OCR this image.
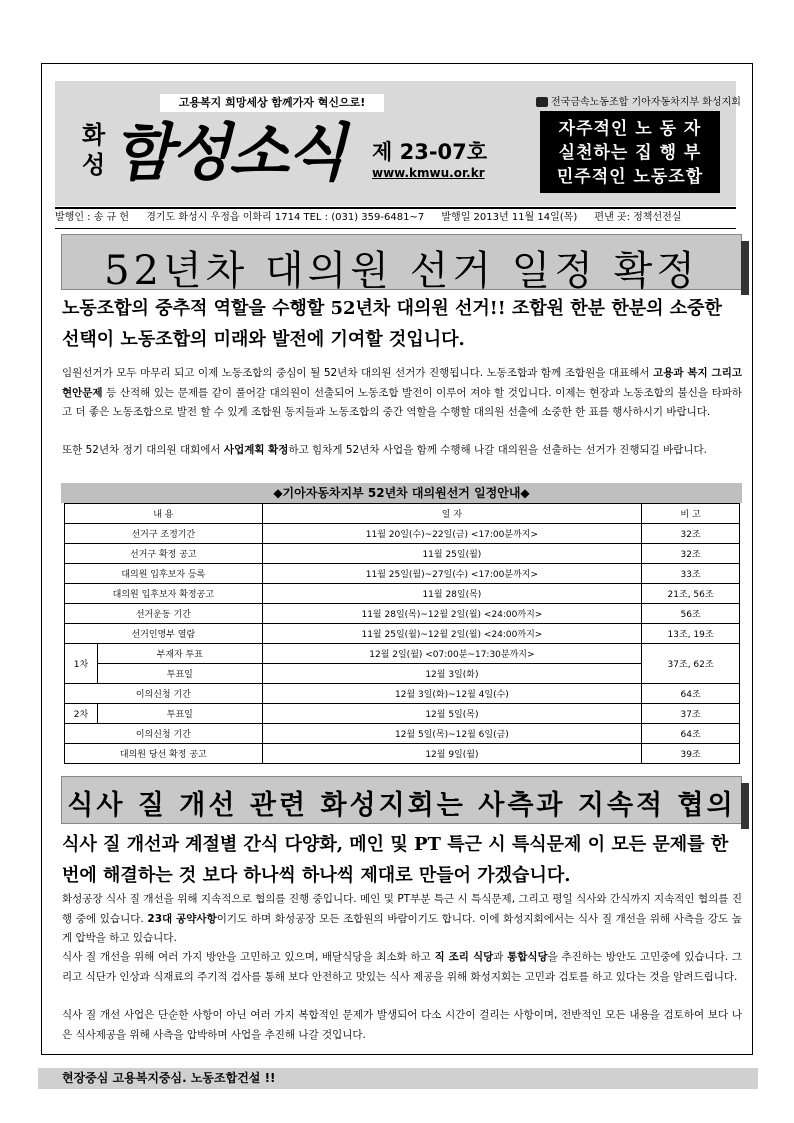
고용복지 희망세상 함께가자 혁신으로!
화성 함성소식 제 23-07호
www.kmwu.or.kr
전국금속노동조합 기아자동차지부 화성지회
자주적인 노 동 자
실천하는 집 행 부
민주적인 노동조합
발행인 : 송 규 헌 경기도 화성시 우정읍 이화리 1714 TEL : (031) 359-6481~7 발행일 2013년 11월 14일(목) 편낸 곳: 정책선전실
52년차 대의원 선거 일정 확정
노동조합의 중추적 역할을 수행할 52년차 대의원 선거!! 조합원 한분 한분의 소중한 선택이 노동조합의 미래와 발전에 기여할 것입니다.
임원선거가 모두 마무리 되고 이제 노동조합의 중심이 될 52년차 대의원 선거가 진행됩니다. 노동조합과 함께 조합원을 대표해서 고용과 복지 그리고 현안문제 등 산적해 있는 문제를 같이 풀어갈 대의원이 선출되어 노동조합 발전이 이루어 져야 할 것입니다. 이제는 현장과 노동조합의 불신을 타파하고 더 좋은 노동조합으로 발전 할 수 있게 조합원 동지들과 노동조합의 중간 역할을 수행할 대의원 선출에 소중한 한 표를 행사하시기 바랍니다.
또한 52년차 정기 대의원 대회에서 사업계획 확정하고 힘차게 52년차 사업을 함께 수행해 나갈 대의원을 선출하는 선거가 진행되길 바랍니다.
◆기아자동차지부 52년차 대의원선거 일정안내◆
내 용		일 자	비 고
선거구 조정기간		11월 20일(수)~22일(금) <17:00분까지>	32조
선거구 확정 공고		11월 25일(월)	32조
대의원 입후보자 등록		11월 25일(월)~27일(수) <17:00분까지>	33조
대의원 입후보자 확정공고		11월 28일(목)	21조, 56조
선거운동 기간		11월 28일(목)~12월 2일(월) <24:00까지>	56조
선거인명부 열람		11월 25일(월)~12월 2일(월) <24:00까지>	13조, 19조
1차	부재자 투표	12월 2일(월) <07:00분~17:30분까지>	37조, 62조
	투표일	12월 3일(화)	
이의신청 기간		12월 3일(화)~12월 4일(수)	64조
2차	투표일	12월 5일(목)	37조
이의신청 기간		12월 5일(목)~12월 6일(금)	64조
대의원 당선 확정 공고		12월 9일(월)	39조
식사 질 개선 관련 화성지회는 사측과 지속적 협의
식사 질 개선과 계절별 간식 다양화, 메인 및 PT 특근 시 특식문제 이 모든 문제를 한 번에 해결하는 것 보다 하나씩 하나씩 제대로 만들어 가겠습니다.
화성공장 식사 질 개선을 위해 지속적으로 협의를 진행 중입니다. 메인 및 PT부분 특근 시 특식문제, 그리고 평일 식사와 간식까지 지속적인 협의를 진행 중에 있습니다. 23대 공약사항이기도 하며 화성공장 모든 조합원의 바람이기도 합니다. 이에 화성지회에서는 식사 질 개선을 위해 사측을 강도 높게 압박을 하고 있습니다.
식사 질 개선을 위해 여러 가지 방안을 고민하고 있으며, 배달식당을 최소화 하고 직 조리 식당과 통합식당을 추진하는 방안도 고민중에 있습니다. 그리고 식단가 인상과 식재료의 주기적 검사를 통해 보다 안전하고 맛있는 식사 제공을 위해 화성지회는 고민과 검토를 하고 있다는 것을 알려드립니다.
식사 질 개선 사업은 단순한 사항이 아닌 여러 가지 복합적인 문제가 발생되어 다소 시간이 걸리는 사항이며, 전반적인 모든 내용을 검토하여 보다 나은 식사제공을 위해 사측을 압박하며 사업을 추진해 나갈 것입니다.
현장중심 고용복지중심. 노동조합건설 !!
